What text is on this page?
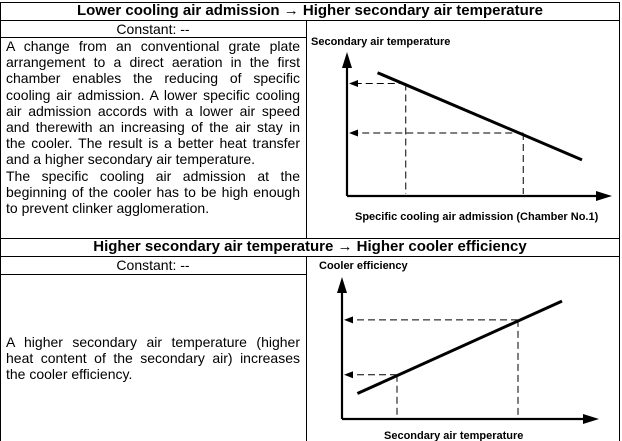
Lower cooling air admission → Higher secondary air temperature
Constant: --

A change from an conventional grate plate arrangement to a direct aeration in the first chamber enables the reducing of specific cooling air admission. A lower specific cooling air admission accords with a lower air speed and therewith an increasing of the air stay in the cooler. The result is a better heat transfer and a higher secondary air temperature.

The specific cooling air admission at the beginning of the cooler has to be high enough to prevent clinker agglomeration.

Secondary air temperature
Specific cooling air admission (Chamber No.1)
Higher secondary air temperature → Higher cooler efficiency
Constant: --

A higher secondary air temperature (higher heat content of the secondary air) increases the cooler efficiency.

Cooler efficiency
Secondary air temperature
